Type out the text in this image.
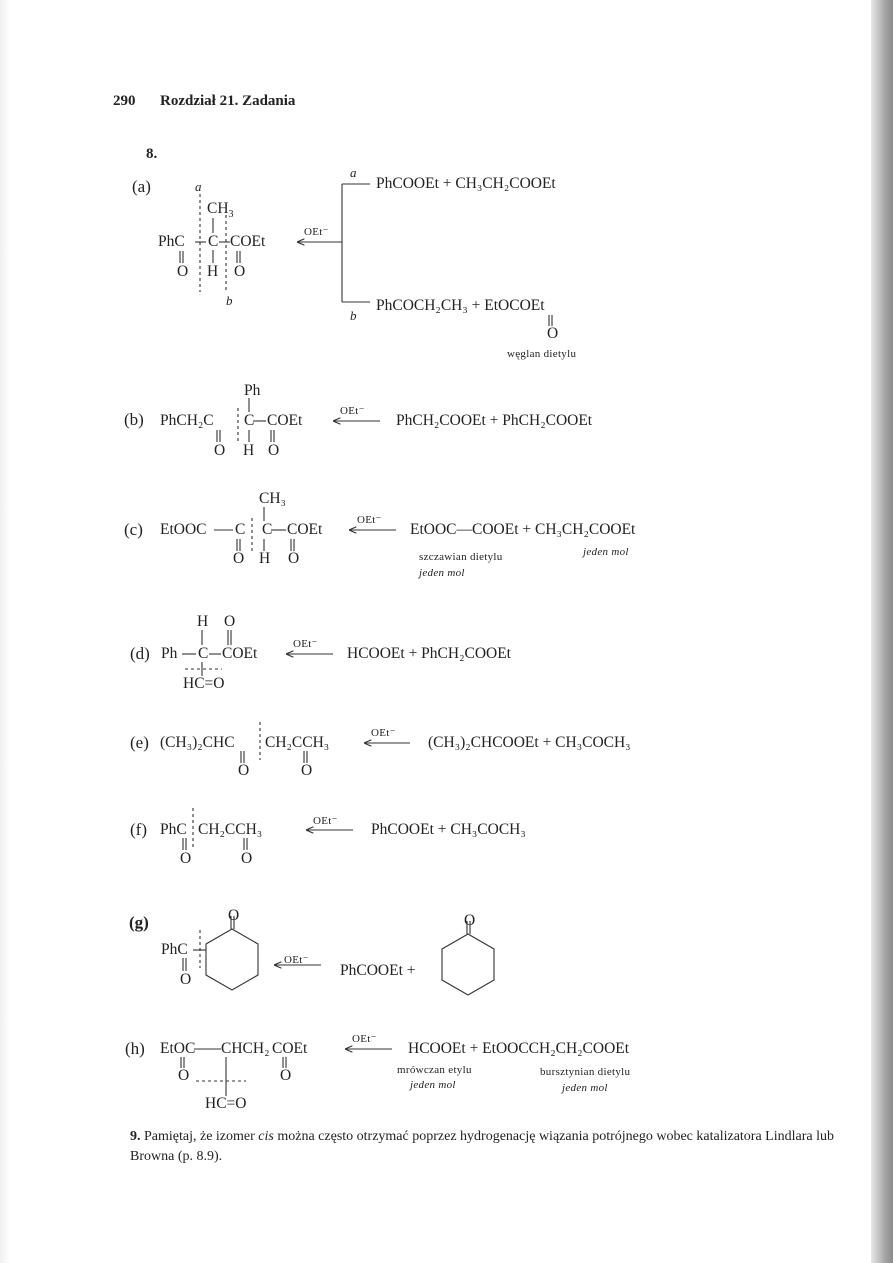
290 Rozdział 21. Zadania
8.
(a)	a
$CH_3$
PhC C COEt
O H O
b
OEt⁻
a
PhCOOEt + CH₃CH₂COOEt
b
PhCOCH₂CH₃ + EtOCOEt
O
węglan dietylu
Ph
(b) PhCH₂C C COEt
O H O
OEt⁻
PhCH₂COOEt + PhCH₂COOEt
CH₃
(c) EtOOC C C COEt
O H O
OEt⁻
EtOOC—COOEt + CH₃CH₂COOEt
szczawian dietylu
jeden mol
jeden mol
H O
(d) Ph C COEt
HC=O
OEt⁻
HCOOEt + PhCH₂COOEt
(e) (CH₃)₂CHC CH₂CCH₃
O	O
OEt⁻
(CH₃)₂CHCOOEt + CH₃COCH₃
(f) PhC CH₂CCH₃
O	O
OEt⁻ PhCOOEt + CH₃COCH₃
(g)	O
PhC
O
OEt⁻
PhCOOEt +
O
(h) EtOC CHCH₂ COEt
O	O
HC=O
OEt⁻
HCOOEt + EtOOCCH₂CH₂COOEt
mrówczan etylu
jeden mol
bursztynian dietylu
jeden mol
9. Pamiętaj, że izomer cis można często otrzymać poprzez hydrogenację wiązania potrójnego wobec katalizatora Lindlara lub Browna (p. 8.9).
